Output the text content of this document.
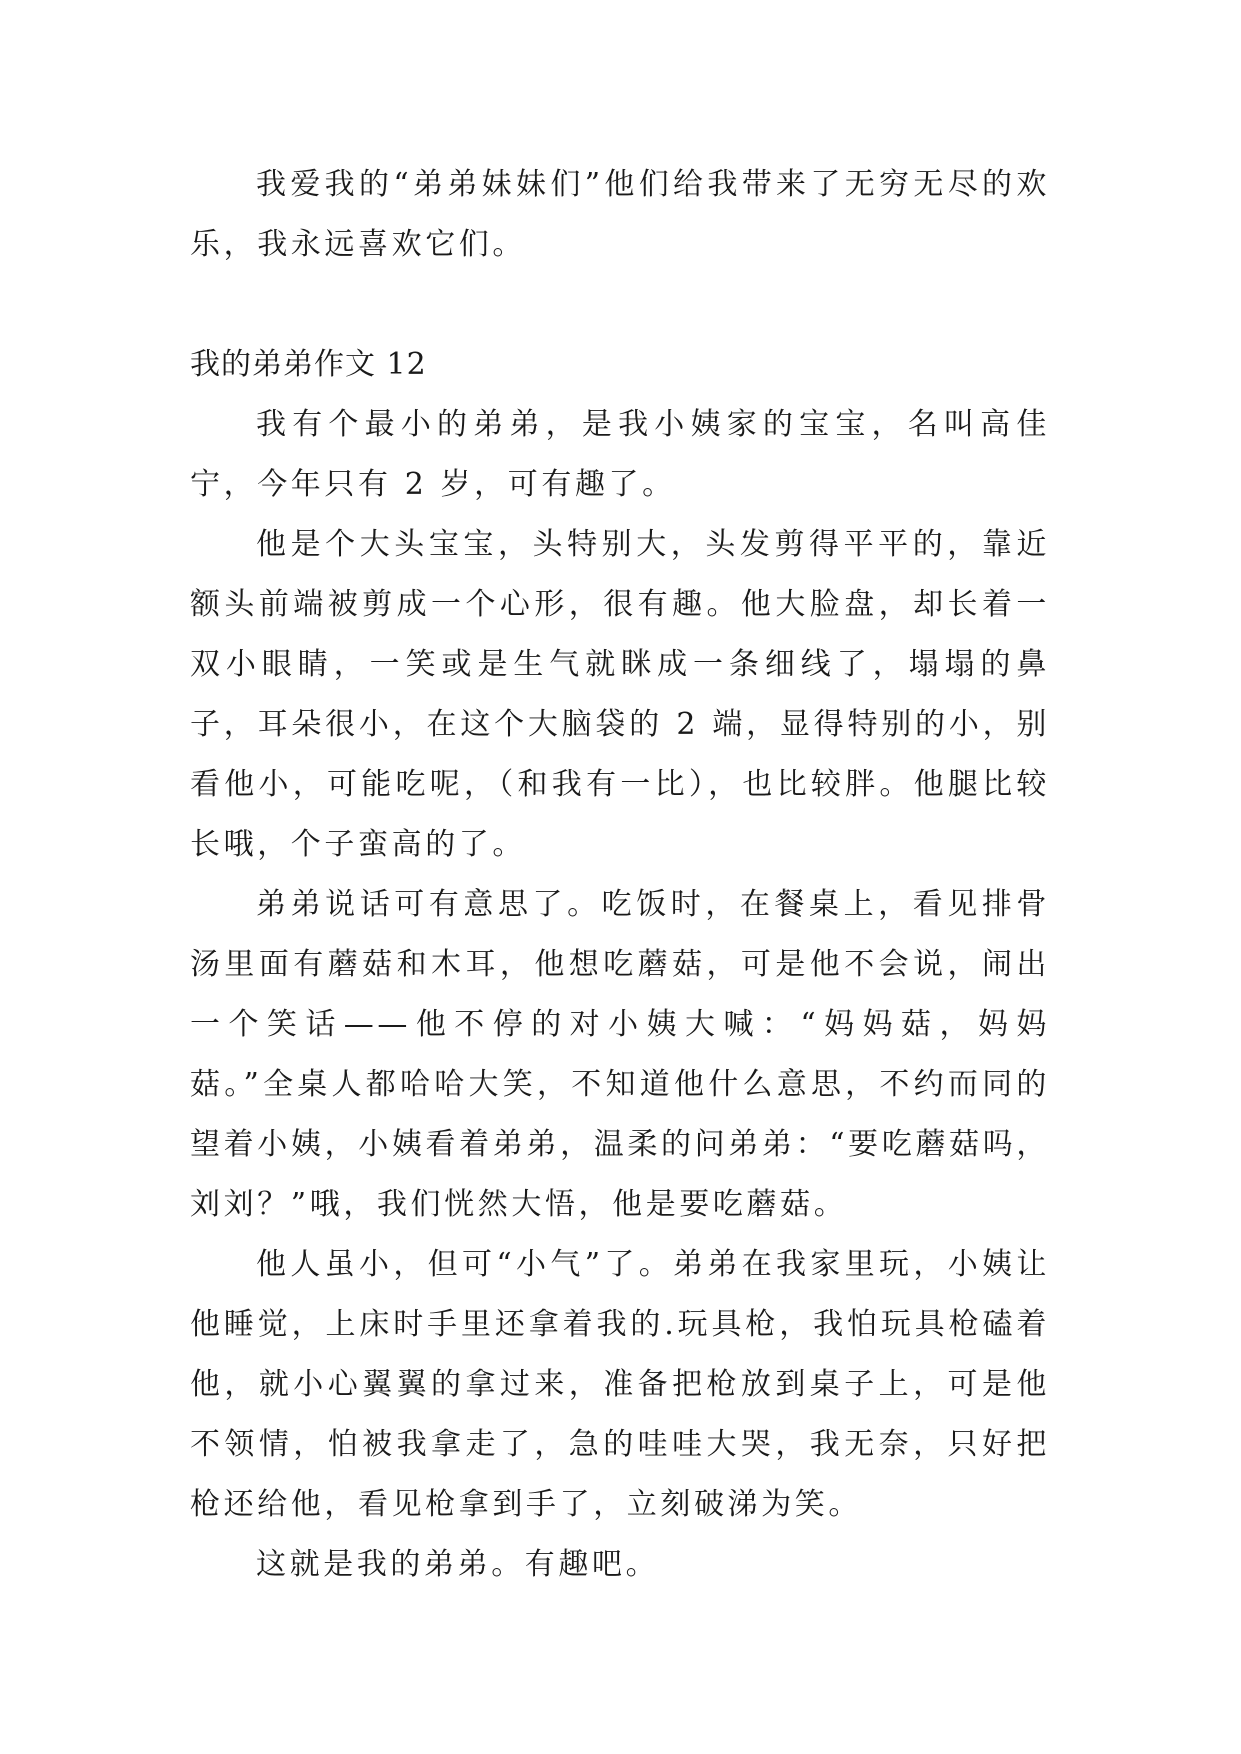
我爱我的“弟弟妹妹们”他们给我带来了无穷无尽的欢乐，我永远喜欢它们。

我的弟弟作文 12

我有个最小的弟弟，是我小姨家的宝宝，名叫高佳宁，今年只有 2 岁，可有趣了。

他是个大头宝宝，头特别大，头发剪得平平的，靠近额头前端被剪成一个心形，很有趣。他大脸盘，却长着一双小眼睛，一笑或是生气就眯成一条细线了，塌塌的鼻子，耳朵很小，在这个大脑袋的 2 端，显得特别的小，别看他小，可能吃呢，（和我有一比），也比较胖。他腿比较长哦，个子蛮高的了。

弟弟说话可有意思了。吃饭时，在餐桌上，看见排骨汤里面有蘑菇和木耳，他想吃蘑菇，可是他不会说，闹出一个笑话——他不停的对小姨大喊：“妈妈菇，妈妈菇。”全桌人都哈哈大笑，不知道他什么意思，不约而同的望着小姨，小姨看着弟弟，温柔的问弟弟：“要吃蘑菇吗，刘刘？”哦，我们恍然大悟，他是要吃蘑菇。

他人虽小，但可“小气”了。弟弟在我家里玩，小姨让他睡觉，上床时手里还拿着我的.玩具枪，我怕玩具枪磕着他，就小心翼翼的拿过来，准备把枪放到桌子上，可是他不领情，怕被我拿走了，急的哇哇大哭，我无奈，只好把枪还给他，看见枪拿到手了，立刻破涕为笑。

这就是我的弟弟。有趣吧。
